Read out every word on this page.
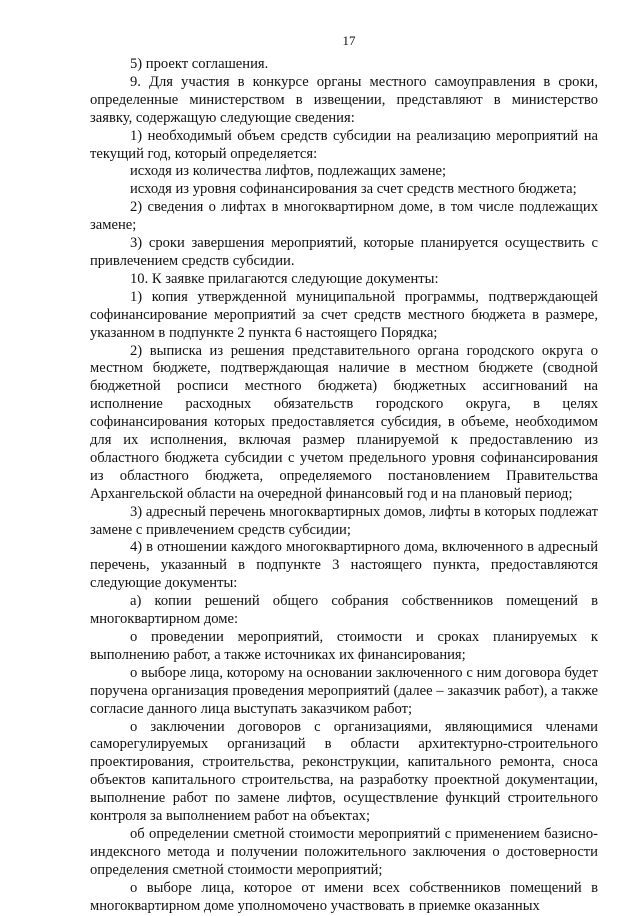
17

5) проект соглашения.

9. Для участия в конкурсе органы местного самоуправления в сроки, определенные министерством в извещении, представляют в министерство заявку, содержащую следующие сведения:

1) необходимый объем средств субсидии на реализацию мероприятий на текущий год, который определяется:

исходя из количества лифтов, подлежащих замене;

исходя из уровня софинансирования за счет средств местного бюджета;

2) сведения о лифтах в многоквартирном доме, в том числе подлежащих замене;

3) сроки завершения мероприятий, которые планируется осуществить с привлечением средств субсидии.

10. К заявке прилагаются следующие документы:

1) копия утвержденной муниципальной программы, подтверждающей софинансирование мероприятий за счет средств местного бюджета в размере, указанном в подпункте 2 пункта 6 настоящего Порядка;

2) выписка из решения представительного органа городского округа о местном бюджете, подтверждающая наличие в местном бюджете (сводной бюджетной росписи местного бюджета) бюджетных ассигнований на исполнение расходных обязательств городского округа, в целях софинансирования которых предоставляется субсидия, в объеме, необходимом для их исполнения, включая размер планируемой к предоставлению из областного бюджета субсидии с учетом предельного уровня софинансирования из областного бюджета, определяемого постановлением Правительства Архангельской области на очередной финансовый год и на плановый период;

3) адресный перечень многоквартирных домов, лифты в которых подлежат замене с привлечением средств субсидии;

4) в отношении каждого многоквартирного дома, включенного в адресный перечень, указанный в подпункте 3 настоящего пункта, предоставляются следующие документы:

а) копии решений общего собрания собственников помещений в многоквартирном доме:

о проведении мероприятий, стоимости и сроках планируемых к выполнению работ, а также источниках их финансирования;

о выборе лица, которому на основании заключенного с ним договора будет поручена организация проведения мероприятий (далее – заказчик работ), а также согласие данного лица выступать заказчиком работ;

о заключении договоров с организациями, являющимися членами саморегулируемых организаций в области архитектурно-строительного проектирования, строительства, реконструкции, капитального ремонта, сноса объектов капитального строительства, на разработку проектной документации, выполнение работ по замене лифтов, осуществление функций строительного контроля за выполнением работ на объектах;

об определении сметной стоимости мероприятий с применением базисно-индексного метода и получении положительного заключения о достоверности определения сметной стоимости мероприятий;

о выборе лица, которое от имени всех собственников помещений в многоквартирном доме уполномочено участвовать в приемке оказанных
